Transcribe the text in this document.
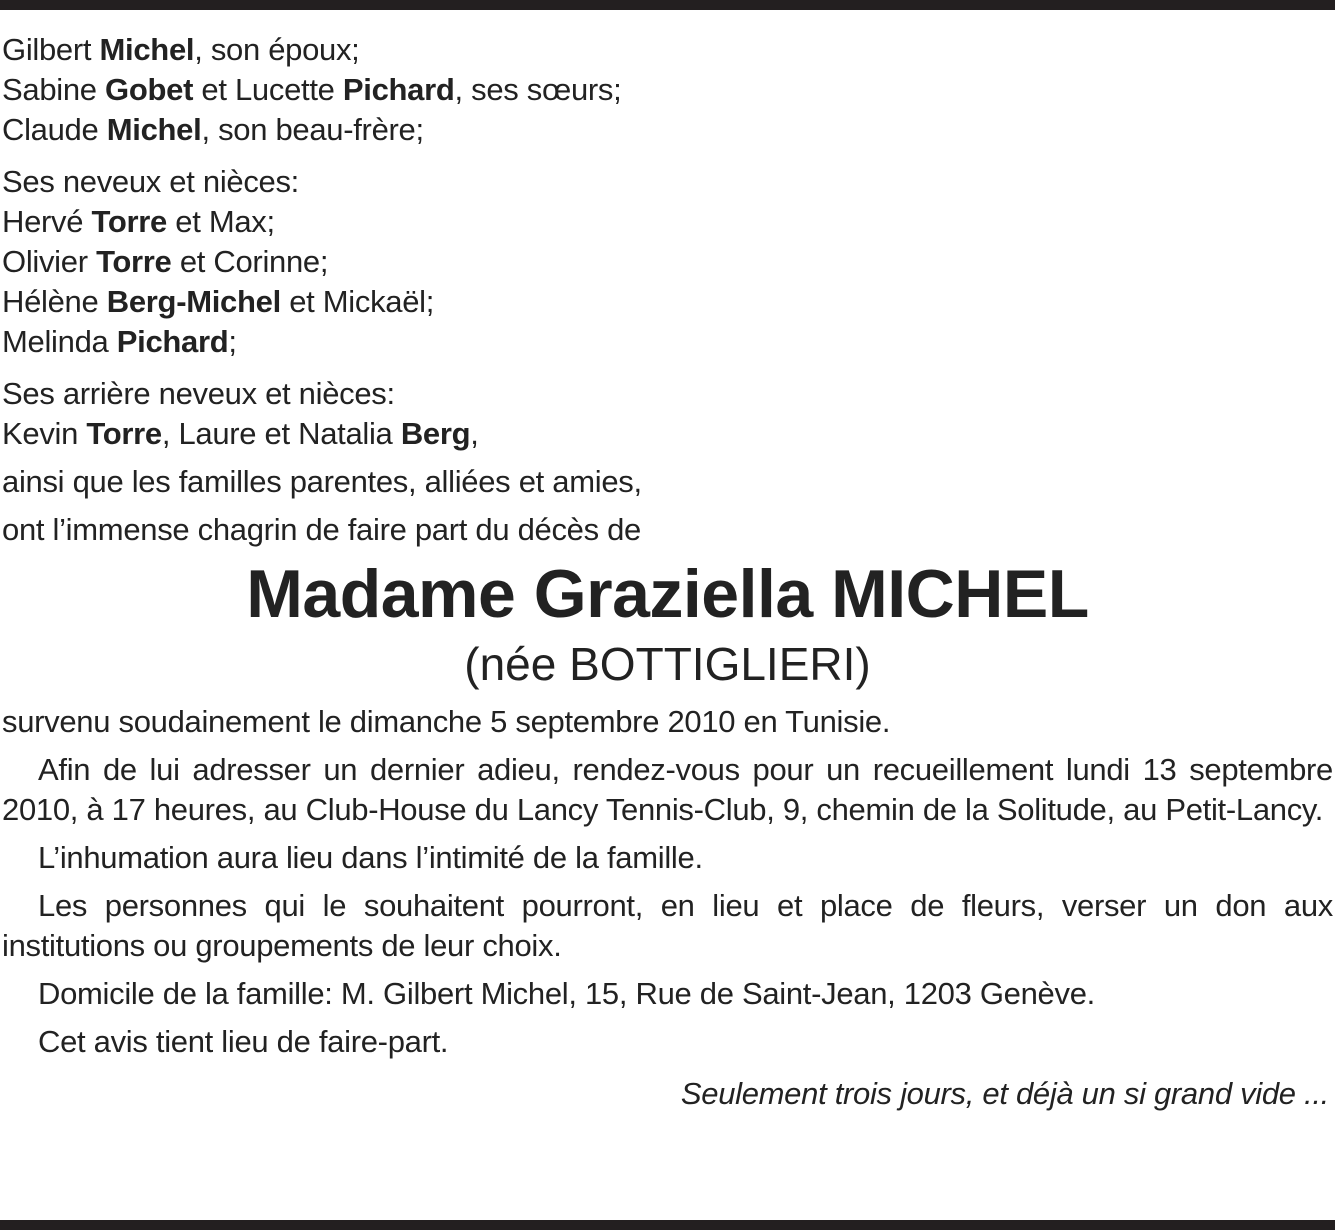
Gilbert Michel, son époux;
Sabine Gobet et Lucette Pichard, ses sœurs;
Claude Michel, son beau-frère;
Ses neveux et nièces:
Hervé Torre et Max;
Olivier Torre et Corinne;
Hélène Berg-Michel et Mickaël;
Melinda Pichard;
Ses arrière neveux et nièces:
Kevin Torre, Laure et Natalia Berg,
ainsi que les familles parentes, alliées et amies,
ont l’immense chagrin de faire part du décès de
Madame Graziella MICHEL
(née BOTTIGLIERI)
survenu soudainement le dimanche 5 septembre 2010 en Tunisie.
Afin de lui adresser un dernier adieu, rendez-vous pour un recueillement lundi 13 septembre 2010, à 17 heures, au Club-House du Lancy Tennis-Club, 9, chemin de la Solitude, au Petit-Lancy.
L’inhumation aura lieu dans l’intimité de la famille.
Les personnes qui le souhaitent pourront, en lieu et place de fleurs, verser un don aux institutions ou groupements de leur choix.
Domicile de la famille: M. Gilbert Michel, 15, Rue de Saint-Jean, 1203 Genève.
Cet avis tient lieu de faire-part.
Seulement trois jours, et déjà un si grand vide ...
